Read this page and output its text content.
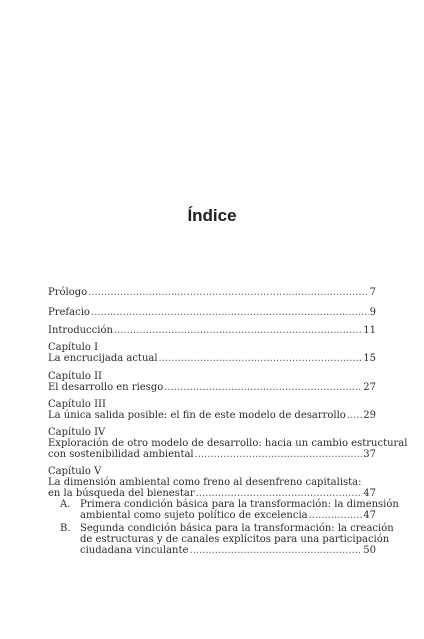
Índice
Prólogo .....	7
Prefacio .....	9
Introducción .....	11
Capítulo I
La encrucijada actual .....	15
Capítulo II
El desarrollo en riesgo .....	27
Capítulo III
La única salida posible: el fin de este modelo de desarrollo ..... 29
Capítulo IV
Exploración de otro modelo de desarrollo: hacia un cambio estructural
con sostenibilidad ambiental .....	37
Capítulo V
La dimensión ambiental como freno al desenfreno capitalista:
en la búsqueda del bienestar .....	47
A. Primera condición básica para la transformación: la dimensión
ambiental como sujeto político de excelencia .....	47
B. Segunda condición básica para la transformación: la creación
de estructuras y de canales explícitos para una participación
ciudadana vinculante .....	50
